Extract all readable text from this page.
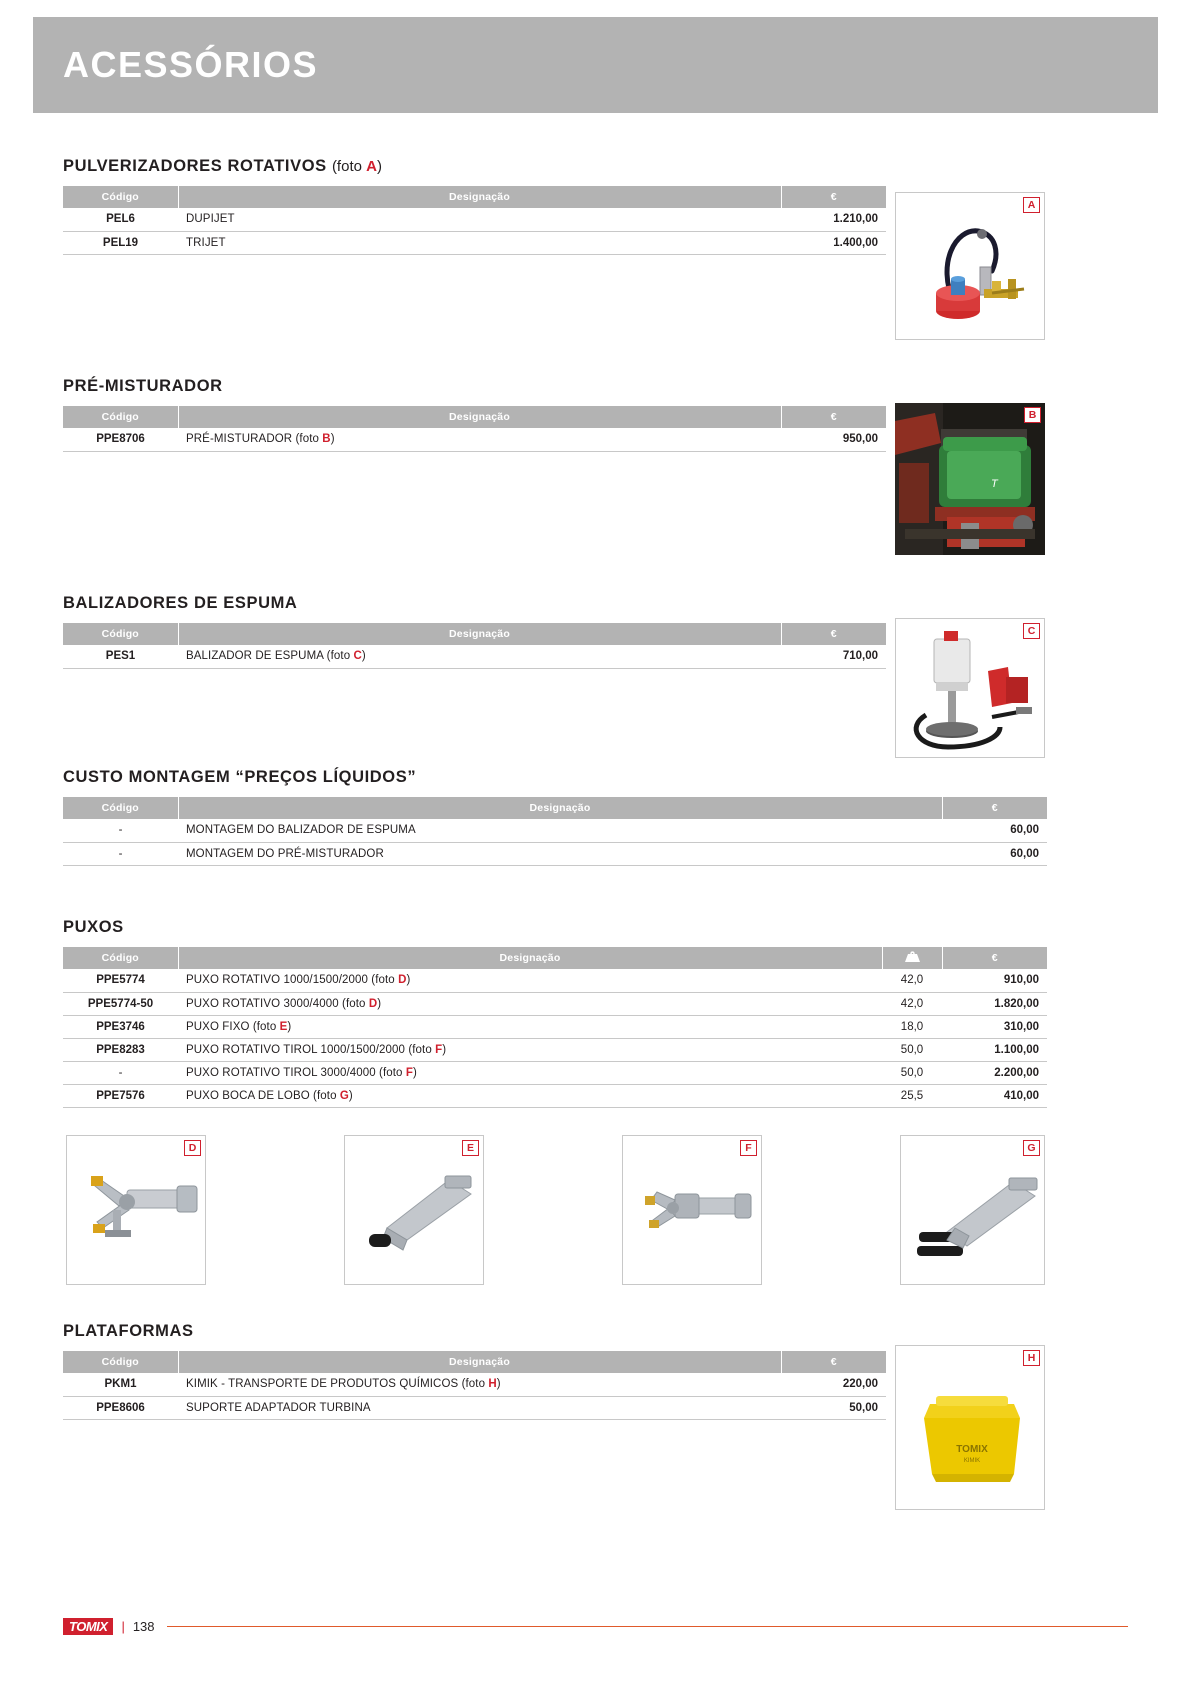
ACESSÓRIOS
PULVERIZADORES ROTATIVOS (foto A)
Código	Designação	€
PEL6	DUPIJET	1.210,00
PEL19	TRIJET	1.400,00
A
PRÉ-MISTURADOR
Código	Designação	€
PPE8706	PRÉ-MISTURADOR (foto B)	950,00
T
B
BALIZADORES DE ESPUMA
Código	Designação	€
PES1	BALIZADOR DE ESPUMA (foto C)	710,00
C
CUSTO MONTAGEM “PREÇOS LÍQUIDOS”
Código	Designação	€
-	MONTAGEM DO BALIZADOR DE ESPUMA	60,00
-	MONTAGEM DO PRÉ-MISTURADOR	60,00
PUXOS
Código	Designação		€
PPE5774	PUXO ROTATIVO 1000/1500/2000 (foto D)	42,0	910,00
PPE5774-50	PUXO ROTATIVO 3000/4000 (foto D)	42,0	1.820,00
PPE3746	PUXO FIXO (foto E)	18,0	310,00
PPE8283	PUXO ROTATIVO TIROL 1000/1500/2000 (foto F)	50,0	1.100,00
-	PUXO ROTATIVO TIROL 3000/4000 (foto F)	50,0	2.200,00
PPE7576	PUXO BOCA DE LOBO (foto G)	25,5	410,00
D	E	F	G
PLATAFORMAS
Código	Designação	€
PKM1	KIMIK - TRANSPORTE DE PRODUTOS QUÍMICOS (foto H)	220,00
PPE8606	SUPORTE ADAPTADOR TURBINA	50,00
TOMIX
KIMIK
H
TOMIX	| 138
